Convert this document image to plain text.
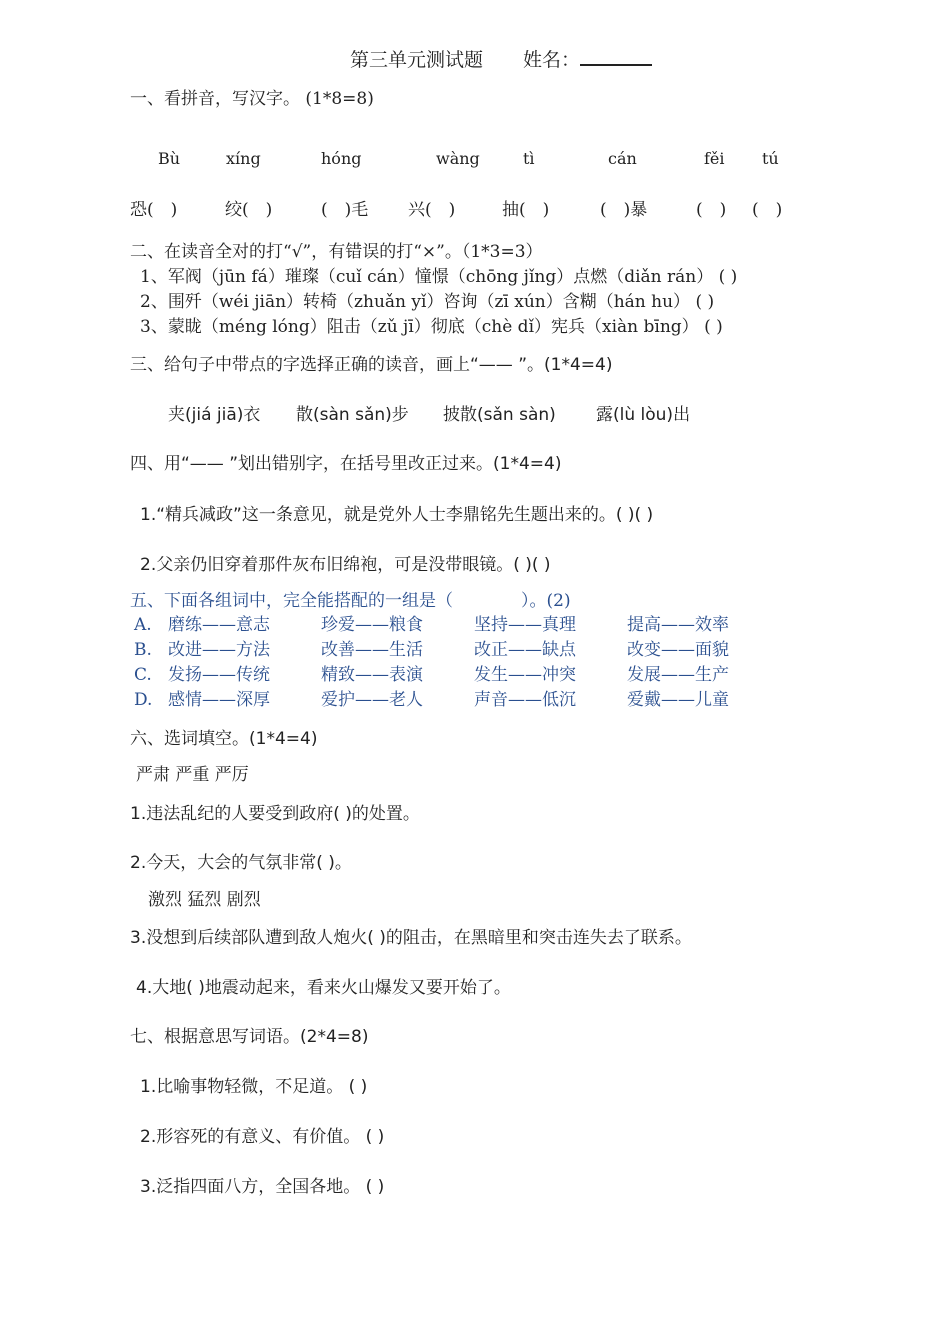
第三单元测试题 姓名：
一、看拼音，写汉字。 (1*8=8)
Bù	xíng	hóng	wàng	tì	cán	fěi tú
恐(　)	绞(　)	(　)毛 兴(　)	抽(　)	(　)暴	(　) (　)
二、在读音全对的打“√”，有错误的打“×”。（1*3=3）
1、军阀（jūn fá）璀璨（cuǐ cán）憧憬（chōng jǐng）点燃（diǎn rán） ( )
2、围歼（wéi jiān）转椅（zhuǎn yǐ）咨询（zī xún）含糊（hán hu） ( )
3、蒙眬（méng lóng）阻击（zǔ jī）彻底（chè dǐ）宪兵（xiàn bīng） ( )
三、给句子中带点的字选择正确的读音，画上“—— ”。(1*4=4)
夹(jiá jiā)衣 散(sàn sǎn)步 披散(sǎn sàn) 露(lù lòu)出
四、用“—— ”划出错别字，在括号里改正过来。(1*4=4)
1.“精兵减政”这一条意见，就是党外人士李鼎铭先生题出来的。( )( )
2.父亲仍旧穿着那件灰布旧绵袍，可是没带眼镜。( )( )
五、下面各组词中，完全能搭配的一组是（　　　　）。(2)
A. 磨练——意志	珍爱——粮食	坚持——真理	提高——效率
B. 改进——方法	改善——生活	改正——缺点	改变——面貌
C. 发扬——传统	精致——表演	发生——冲突	发展——生产
D. 感情——深厚	爱护——老人	声音——低沉	爱戴——儿童
六、选词填空。(1*4=4)
严肃 严重 严厉
1.违法乱纪的人要受到政府( )的处置。
2.今天，大会的气氛非常( )。
激烈 猛烈 剧烈
3.没想到后续部队遭到敌人炮火( )的阻击，在黑暗里和突击连失去了联系。
4.大地( )地震动起来，看来火山爆发又要开始了。
七、根据意思写词语。(2*4=8)
1.比喻事物轻微，不足道。 ( )
2.形容死的有意义、有价值。 ( )
3.泛指四面八方，全国各地。 ( )
